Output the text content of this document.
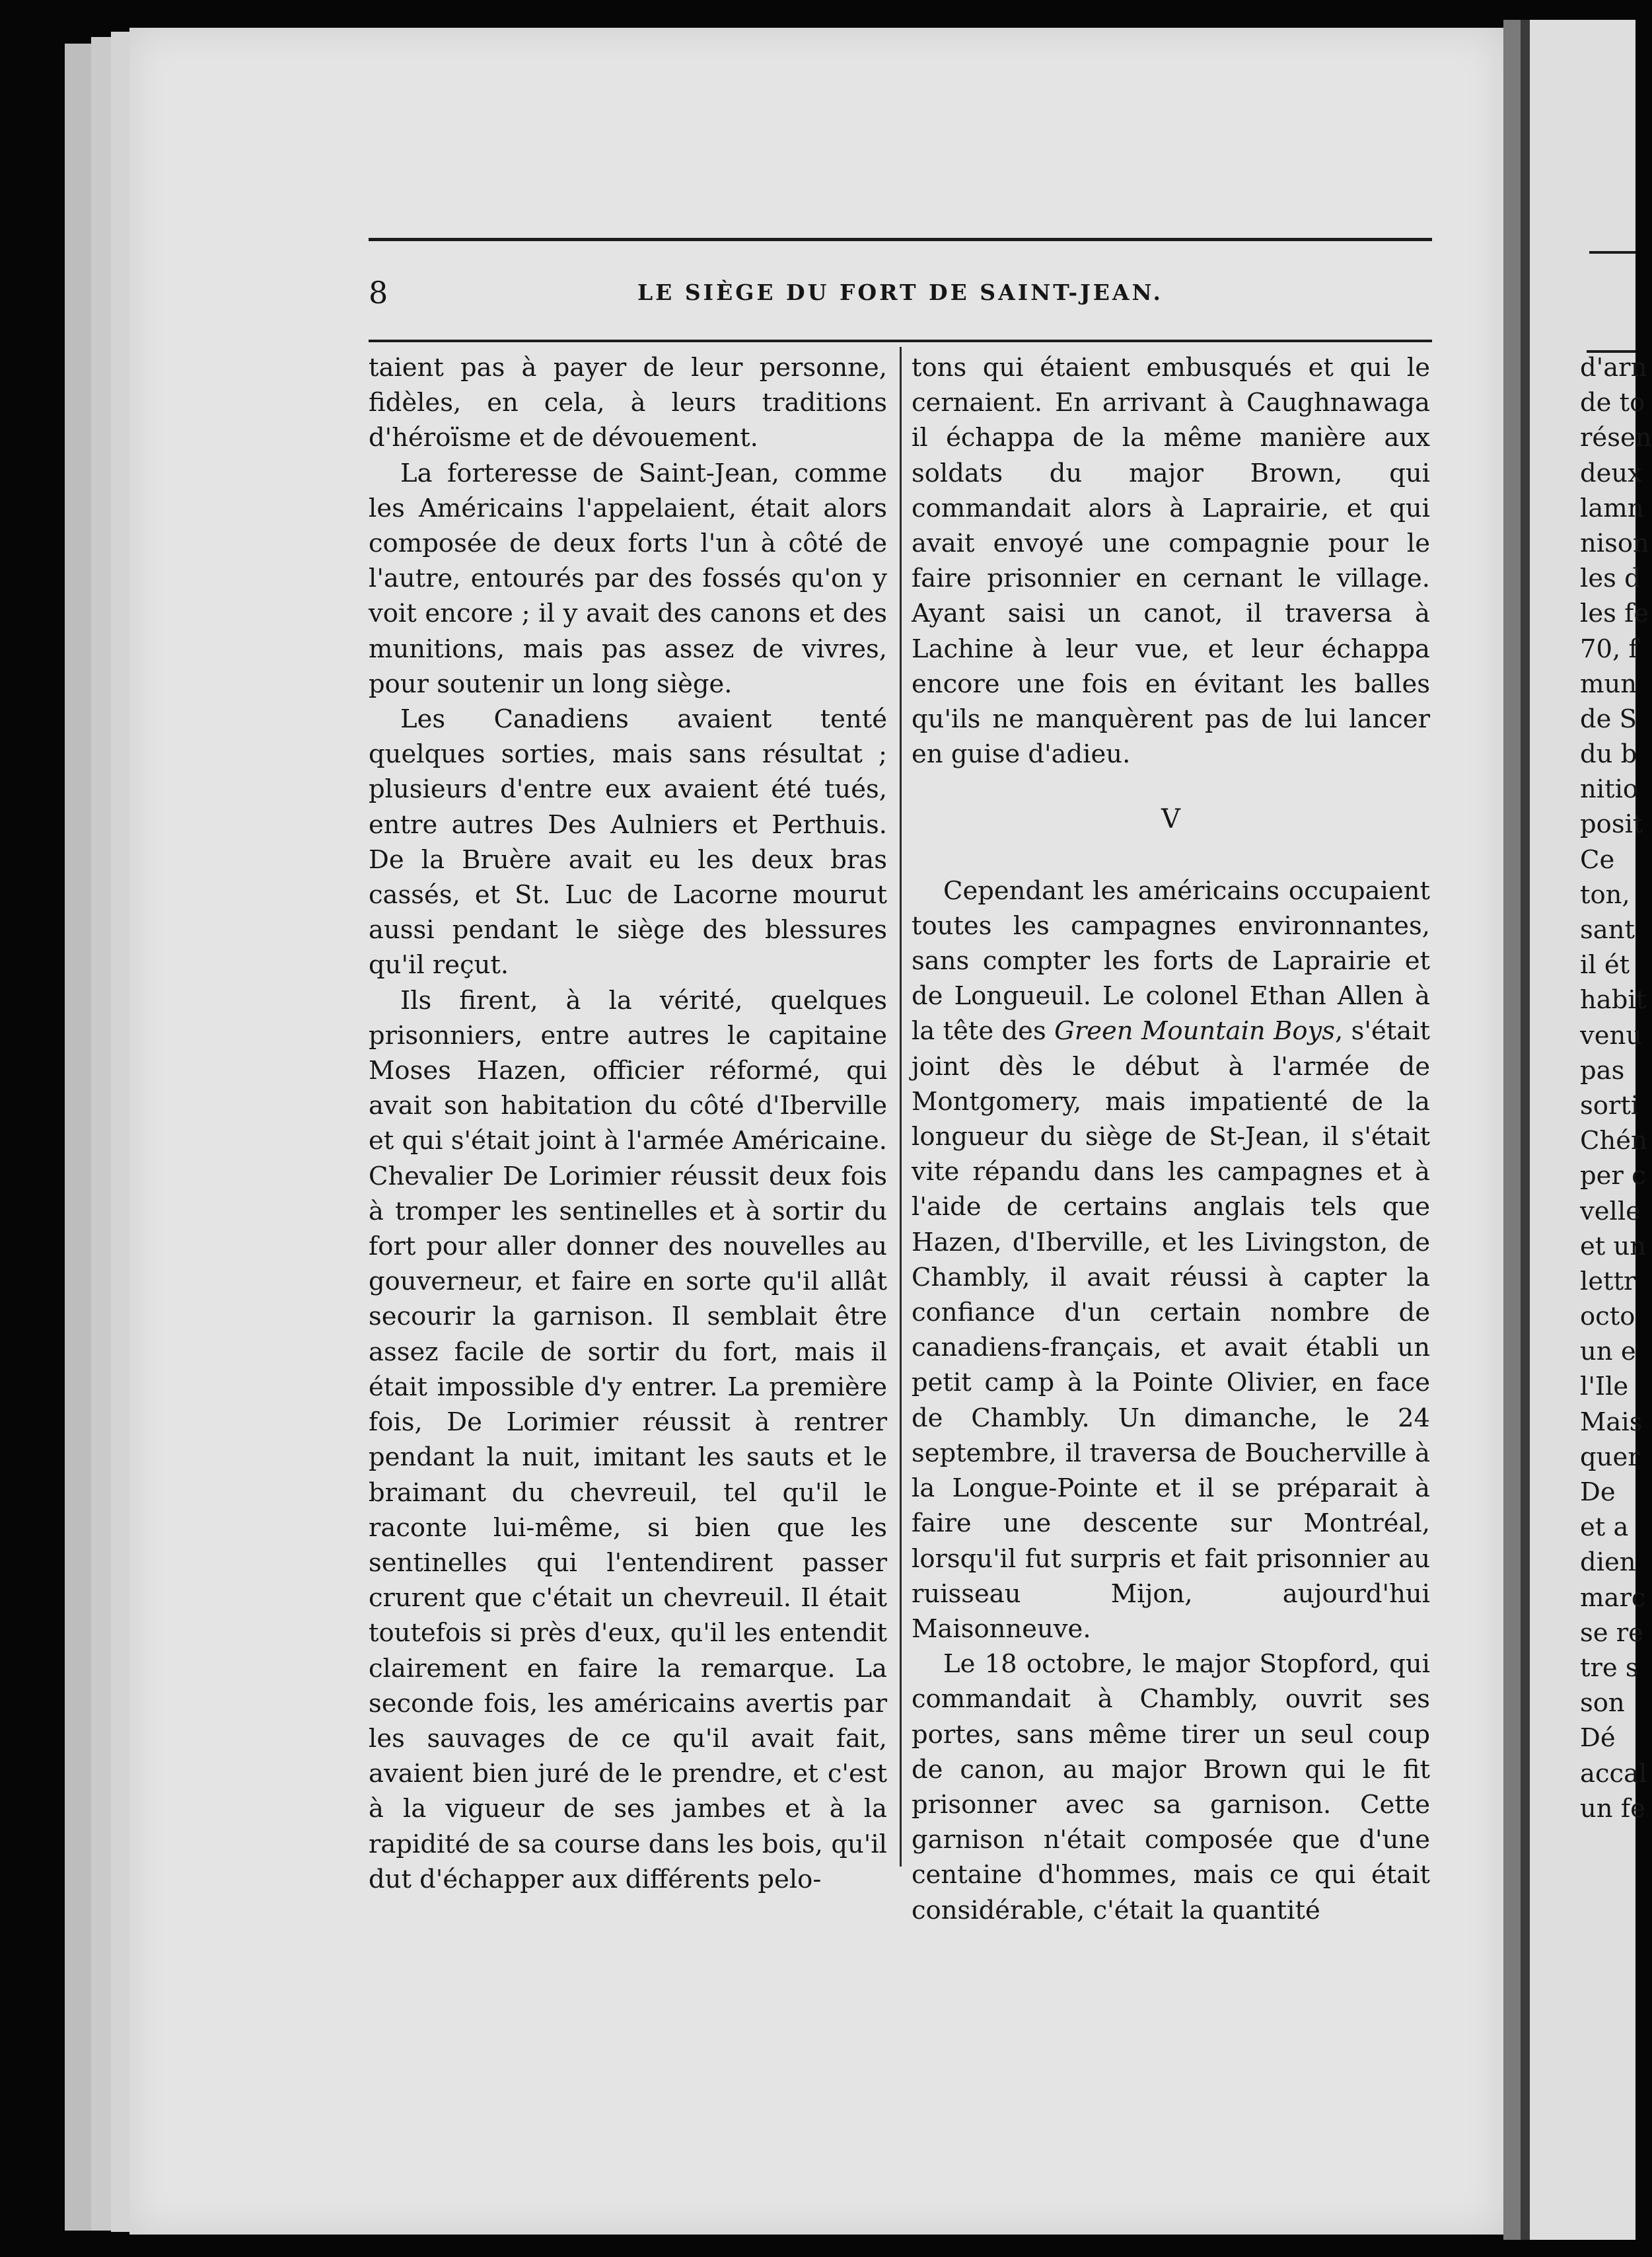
d'arn
de to
résen
deux
lamn
nison
les d
les fe
70, f
mun
de S
du b
nitio
posit
Ce
ton,
sant
il ét
habit
venu
pas
sorti
Chén
per c
velle
et un
lettr
octo
un e
l'Ile
Mais
quer
De
et a
dien
marc
se re
tre s
son
Dé
accal
un fe
8	LE SIÈGE DU FORT DE SAINT-JEAN.

taient pas à payer de leur personne, fidèles, en cela, à leurs traditions d'héroïsme et de dévouement.

La forteresse de Saint-Jean, comme les Américains l'appelaient, était alors composée de deux forts l'un à côté de l'autre, entourés par des fossés qu'on y voit encore ; il y avait des canons et des munitions, mais pas assez de vivres, pour soutenir un long siège.

Les Canadiens avaient tenté quelques sorties, mais sans résultat ; plusieurs d'entre eux avaient été tués, entre autres Des Aulniers et Perthuis. De la Bruère avait eu les deux bras cassés, et St. Luc de Lacorne mourut aussi pendant le siège des blessures qu'il reçut.

Ils firent, à la vérité, quelques prisonniers, entre autres le capitaine Moses Hazen, officier réformé, qui avait son habitation du côté d'Iberville et qui s'était joint à l'armée Américaine. Chevalier De Lorimier réussit deux fois à tromper les sentinelles et à sortir du fort pour aller donner des nouvelles au gouverneur, et faire en sorte qu'il allât secourir la garnison. Il semblait être assez facile de sortir du fort, mais il était impossible d'y entrer. La première fois, De Lorimier réussit à rentrer pendant la nuit, imitant les sauts et le braimant du chevreuil, tel qu'il le raconte lui-même, si bien que les sentinelles qui l'entendirent passer crurent que c'était un chevreuil. Il était toutefois si près d'eux, qu'il les entendit clairement en faire la remarque. La seconde fois, les américains avertis par les sauvages de ce qu'il avait fait, avaient bien juré de le prendre, et c'est à la vigueur de ses jambes et à la rapidité de sa course dans les bois, qu'il dut d'échapper aux différents pelo-

tons qui étaient embusqués et qui le cernaient. En arrivant à Caughnawaga il échappa de la même manière aux soldats du major Brown, qui commandait alors à Laprairie, et qui avait envoyé une compagnie pour le faire prisonnier en cernant le village. Ayant saisi un canot, il traversa à Lachine à leur vue, et leur échappa encore une fois en évitant les balles qu'ils ne manquèrent pas de lui lancer en guise d'adieu.

V

Cependant les américains occupaient toutes les campagnes environnantes, sans compter les forts de Laprairie et de Longueuil. Le colonel Ethan Allen à la tête des Green Mountain Boys, s'était joint dès le début à l'armée de Montgomery, mais impatienté de la longueur du siège de St-Jean, il s'était vite répandu dans les campagnes et à l'aide de certains anglais tels que Hazen, d'Iberville, et les Livingston, de Chambly, il avait réussi à capter la confiance d'un certain nombre de canadiens-français, et avait établi un petit camp à la Pointe Olivier, en face de Chambly. Un dimanche, le 24 septembre, il traversa de Boucherville à la Longue-Pointe et il se préparait à faire une descente sur Montréal, lorsqu'il fut surpris et fait prisonnier au ruisseau Mijon, aujourd'hui Maisonneuve.

Le 18 octobre, le major Stopford, qui commandait à Chambly, ouvrit ses portes, sans même tirer un seul coup de canon, au major Brown qui le fit prisonner avec sa garnison. Cette garnison n'était composée que d'une centaine d'hommes, mais ce qui était considérable, c'était la quantité
